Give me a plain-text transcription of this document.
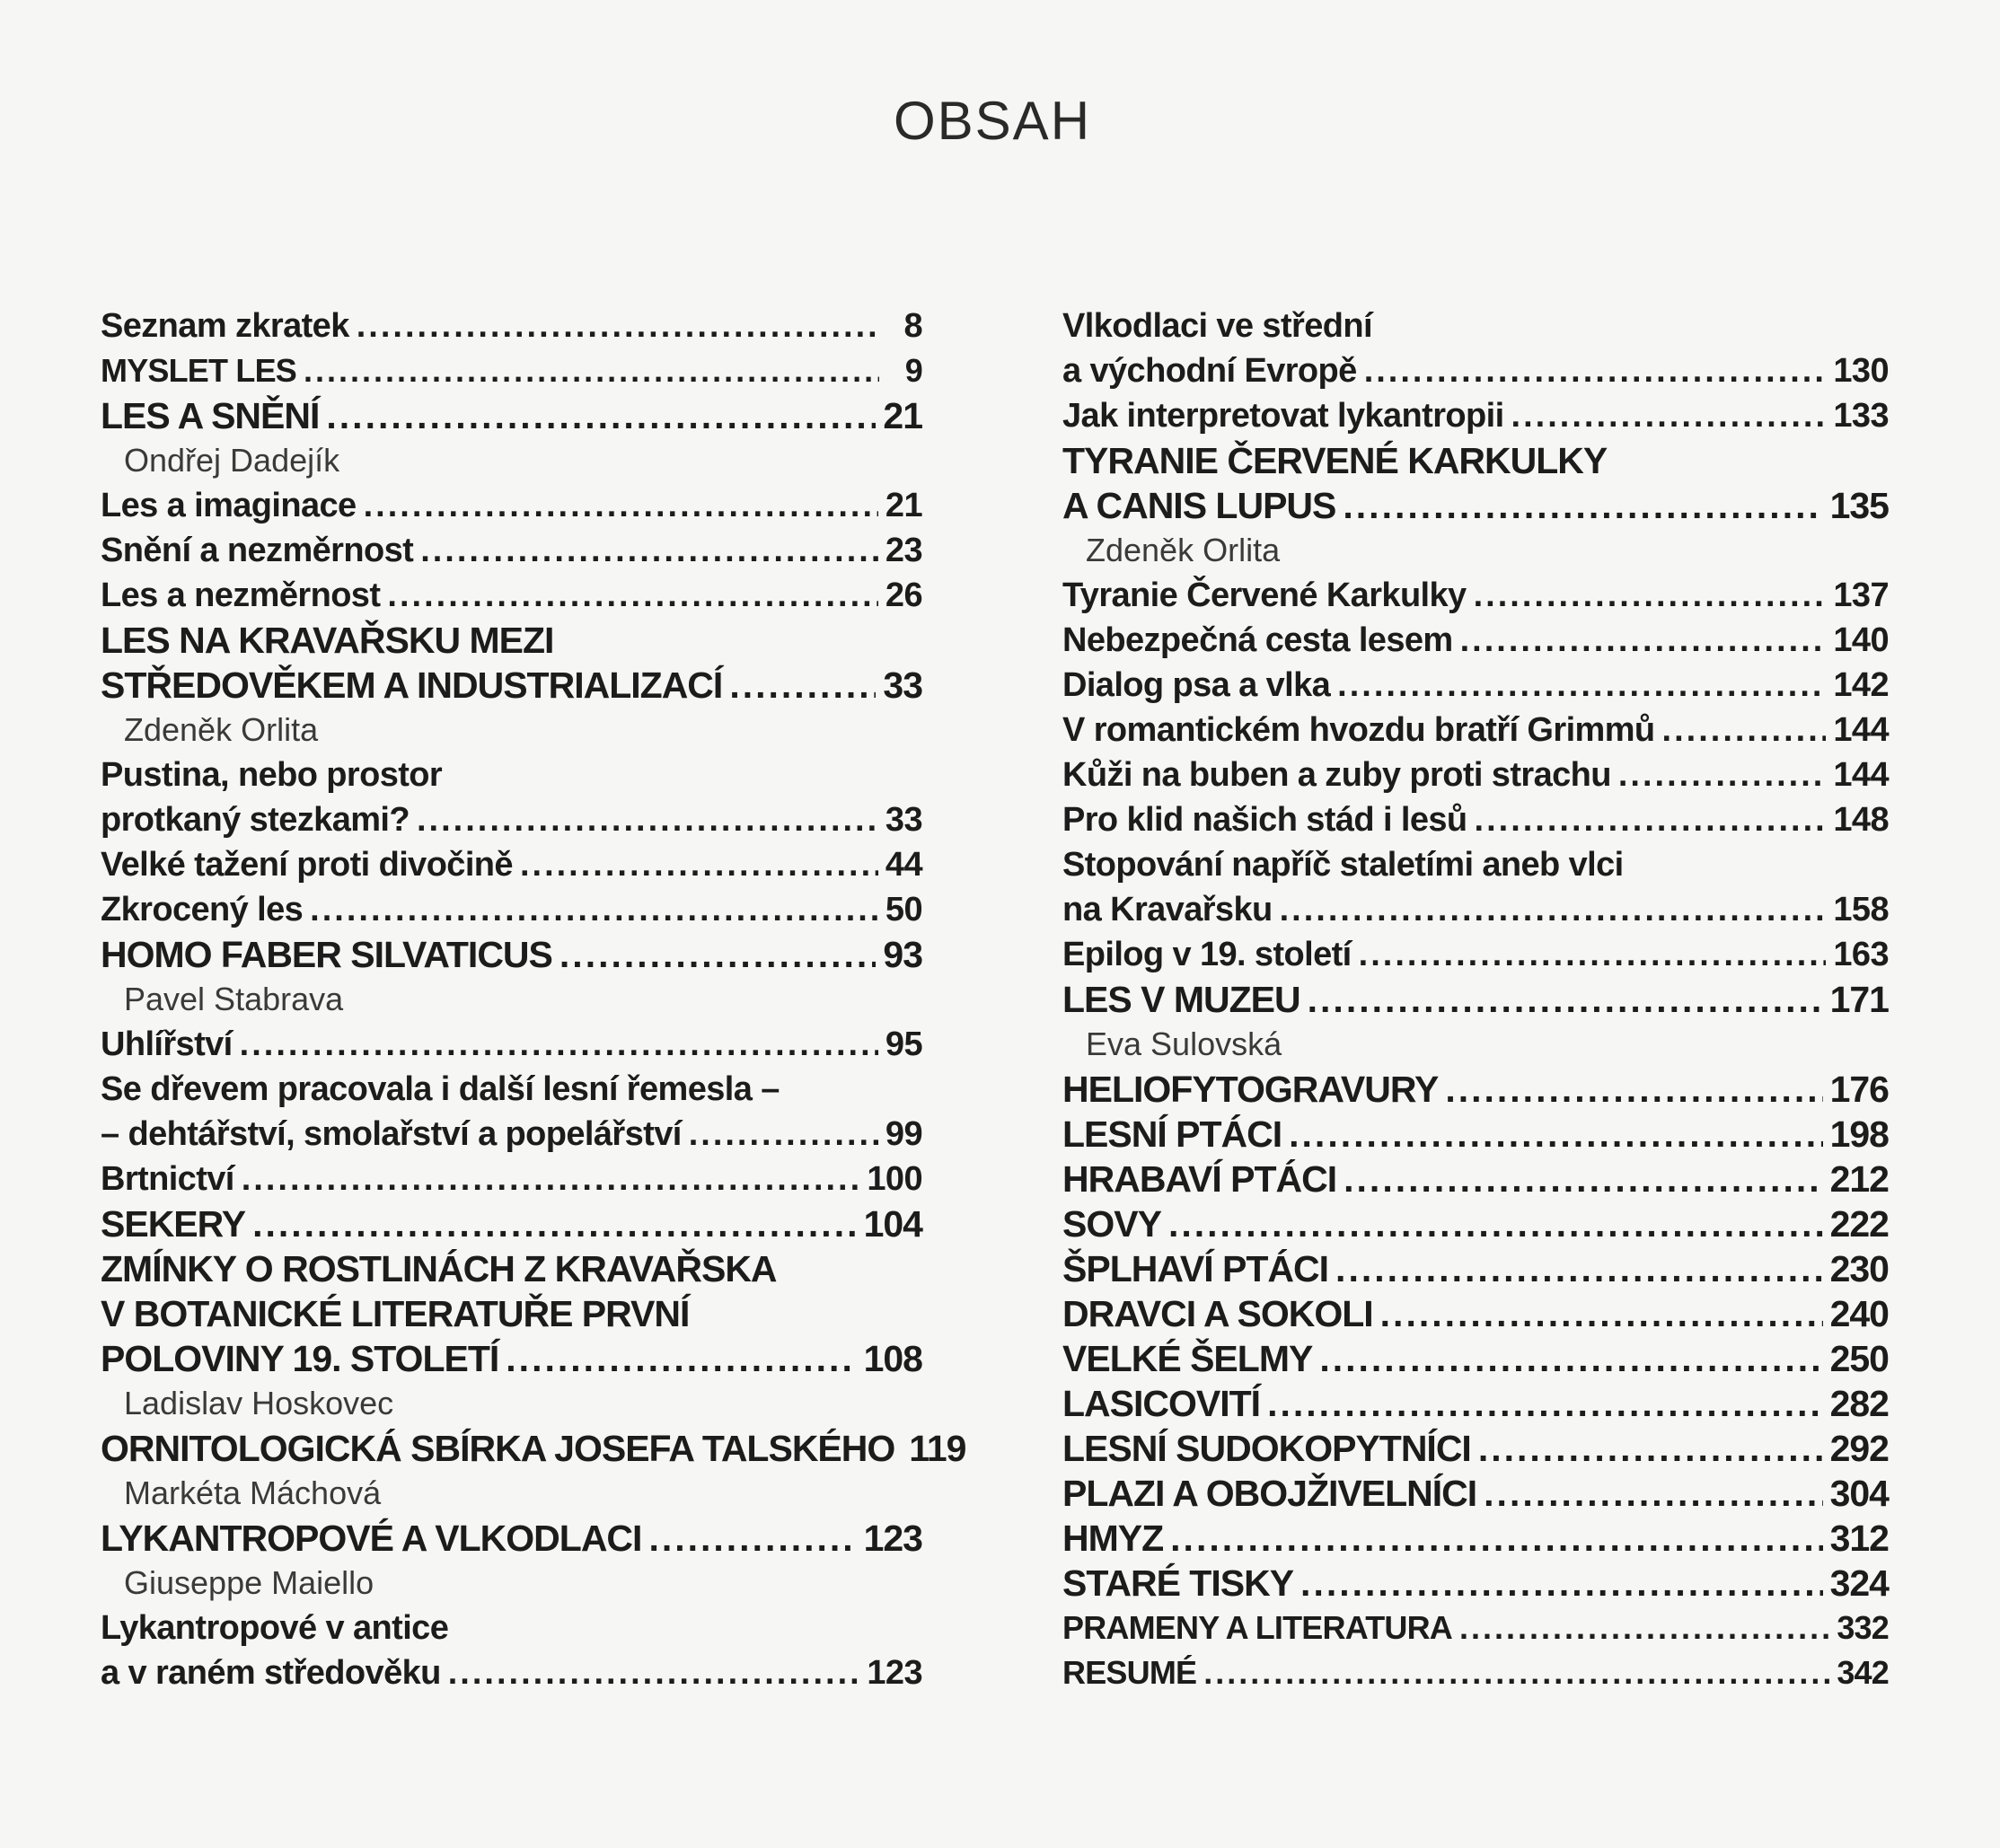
OBSAH
Seznam zkratek .....	8
MYSLET LES .....	9
LES A SNĚNÍ .....	21
Ondřej Dadejík
Les a imaginace .....	21
Snění a nezměrnost .....	23
Les a nezměrnost .....	26
LES NA KRAVAŘSKU MEZI
STŘEDOVĚKEM A INDUSTRIALIZACÍ .....	33
Zdeněk Orlita
Pustina, nebo prostor
protkaný stezkami? .....	33
Velké tažení proti divočině .....	44
Zkrocený les .....	50
HOMO FABER SILVATICUS .....	93
Pavel Stabrava
Uhlířství .....	95
Se dřevem pracovala i další lesní řemesla –
– dehtářství, smolařství a popelářství .....	99
Brtnictví .....	100
SEKERY .....	104
ZMÍNKY O ROSTLINÁCH Z KRAVAŘSKA
V BOTANICKÉ LITERATUŘE PRVNÍ
POLOVINY 19. STOLETÍ .....	108
Ladislav Hoskovec
ORNITOLOGICKÁ SBÍRKA JOSEFA TALSKÉHO 119
Markéta Máchová
LYKANTROPOVÉ A VLKODLACI .....	123
Giuseppe Maiello
Lykantropové v antice
a v raném středověku .....	123
Vlkodlaci ve střední
a východní Evropě .....	130
Jak interpretovat lykantropii .....	133
TYRANIE ČERVENÉ KARKULKY
A CANIS LUPUS .....	135
Zdeněk Orlita
Tyranie Červené Karkulky .....	137
Nebezpečná cesta lesem .....	140
Dialog psa a vlka .....	142
V romantickém hvozdu bratří Grimmů .....	144
Kůži na buben a zuby proti strachu .....	144
Pro klid našich stád i lesů .....	148
Stopování napříč staletími aneb vlci
na Kravařsku .....	158
Epilog v 19. století .....	163
LES V MUZEU .....	171
Eva Sulovská
HELIOFYTOGRAVURY .....	176
LESNÍ PTÁCI .....	198
HRABAVÍ PTÁCI .....	212
SOVY .....	222
ŠPLHAVÍ PTÁCI .....	230
DRAVCI A SOKOLI .....	240
VELKÉ ŠELMY .....	250
LASICOVITÍ .....	282
LESNÍ SUDOKOPYTNÍCI .....	292
PLAZI A OBOJŽIVELNÍCI .....	304
HMYZ .....	312
STARÉ TISKY .....	324
PRAMENY A LITERATURA .....	332
RESUMÉ .....	342
